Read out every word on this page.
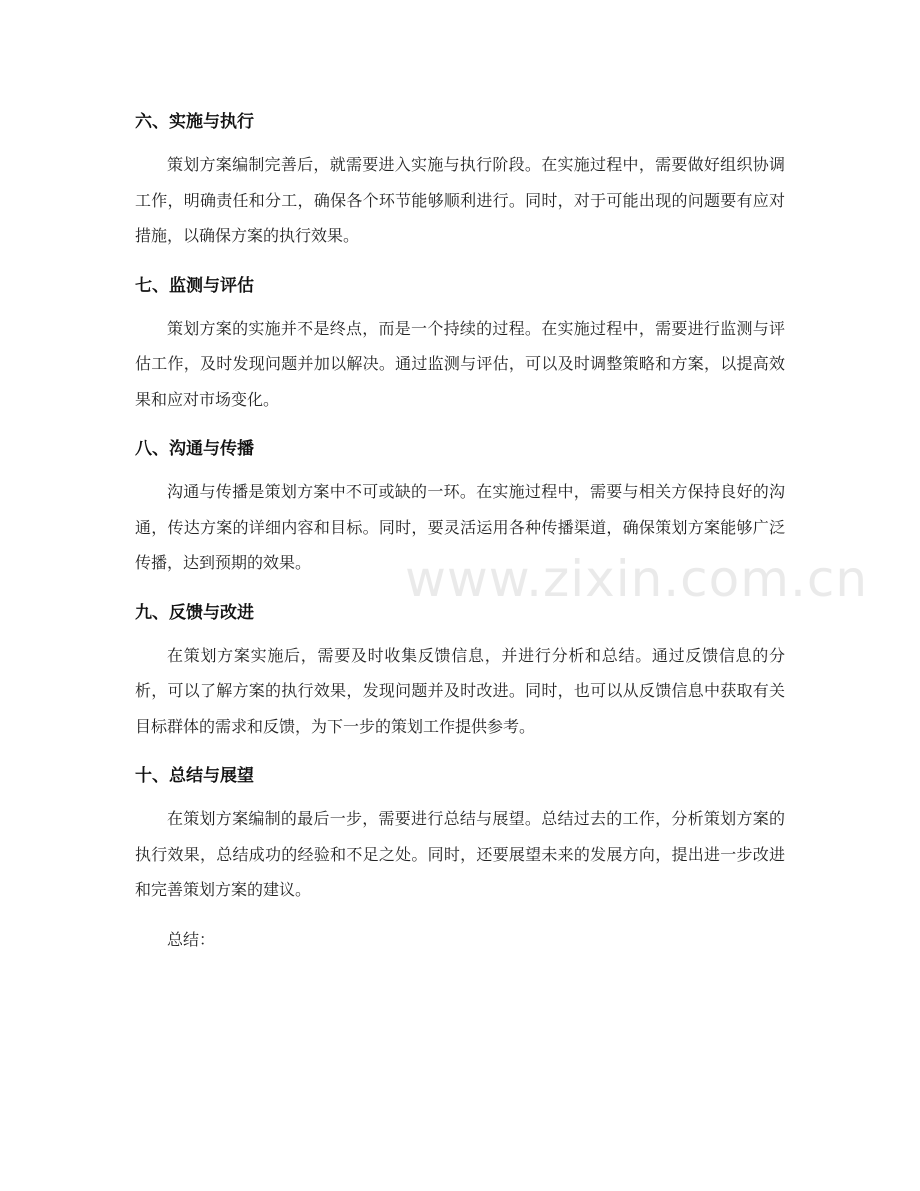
六、实施与执行

策划方案编制完善后，就需要进入实施与执行阶段。在实施过程中，需要做好组织协调工作，明确责任和分工，确保各个环节能够顺利进行。同时，对于可能出现的问题要有应对措施，以确保方案的执行效果。

七、监测与评估

策划方案的实施并不是终点，而是一个持续的过程。在实施过程中，需要进行监测与评估工作，及时发现问题并加以解决。通过监测与评估，可以及时调整策略和方案，以提高效果和应对市场变化。

八、沟通与传播

沟通与传播是策划方案中不可或缺的一环。在实施过程中，需要与相关方保持良好的沟通，传达方案的详细内容和目标。同时，要灵活运用各种传播渠道，确保策划方案能够广泛传播，达到预期的效果。

九、反馈与改进

在策划方案实施后，需要及时收集反馈信息，并进行分析和总结。通过反馈信息的分析，可以了解方案的执行效果，发现问题并及时改进。同时，也可以从反馈信息中获取有关目标群体的需求和反馈，为下一步的策划工作提供参考。

十、总结与展望

在策划方案编制的最后一步，需要进行总结与展望。总结过去的工作，分析策划方案的执行效果，总结成功的经验和不足之处。同时，还要展望未来的发展方向，提出进一步改进和完善策划方案的建议。

总结：

www.zixin.com.cn
